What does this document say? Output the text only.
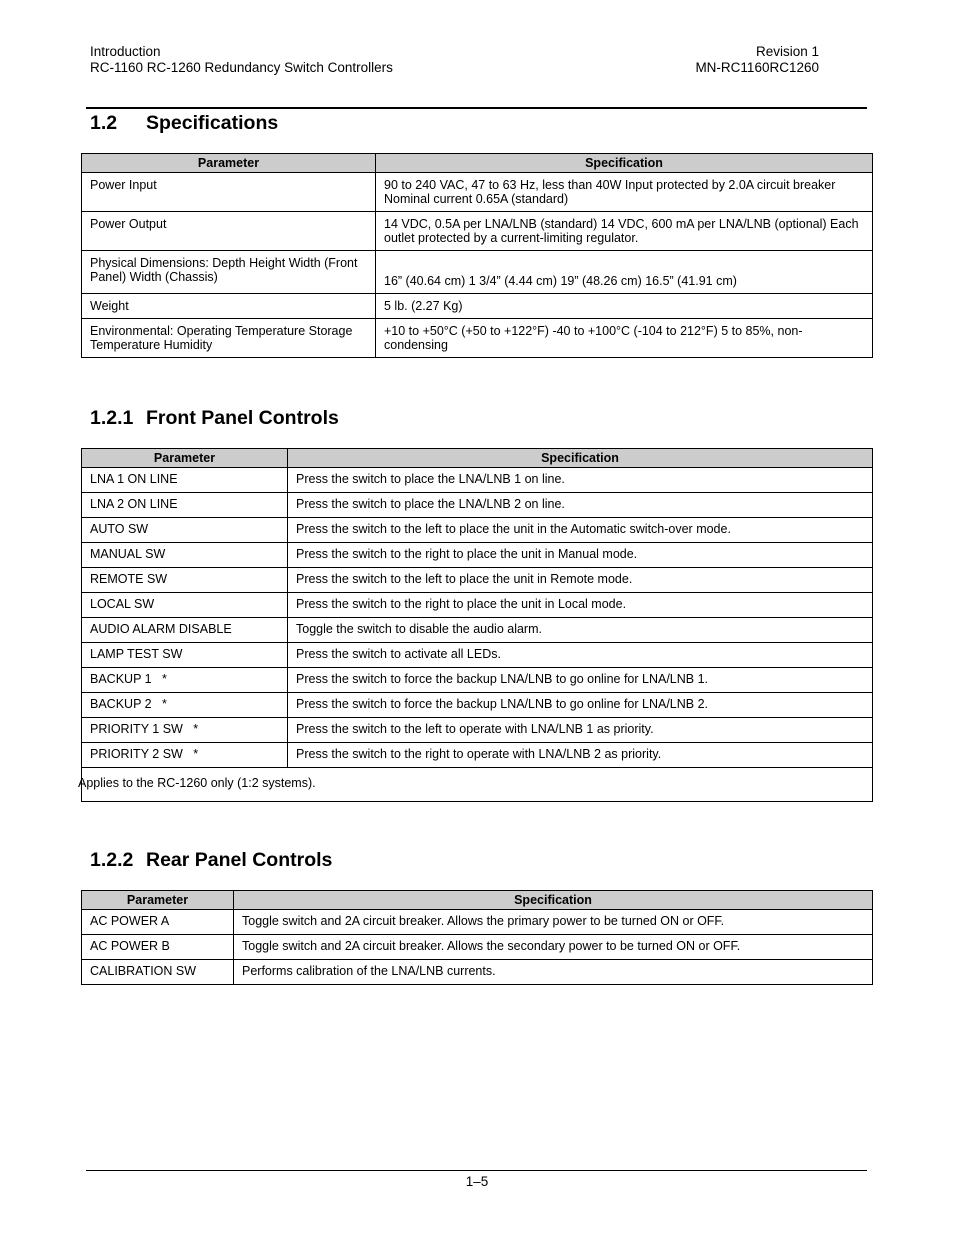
Introduction
RC-1160 RC-1260 Redundancy Switch Controllers
Revision 1
MN-RC1160RC1260
1.2 Specifications
Parameter	Specification
Power Input	90 to 240 VAC, 47 to 63 Hz, less than 40W Input protected by 2.0A circuit breaker Nominal current 0.65A (standard)
Power Output	14 VDC, 0.5A per LNA/LNB (standard) 14 VDC, 600 mA per LNA/LNB (optional) Each outlet protected by a current-limiting regulator.
Physical Dimensions: Depth Height Width (Front Panel) Width (Chassis)	16” (40.64 cm) 1 3/4” (4.44 cm) 19” (48.26 cm) 16.5” (41.91 cm)
Weight	5 lb. (2.27 Kg)
Environmental: Operating Temperature Storage Temperature Humidity	+10 to +50°C (+50 to +122°F) -40 to +100°C (-104 to 212°F) 5 to 85%, non-condensing
1.2.1 Front Panel Controls
Parameter	Specification
LNA 1 ON LINE	Press the switch to place the LNA/LNB 1 on line.
LNA 2 ON LINE	Press the switch to place the LNA/LNB 2 on line.
AUTO SW	Press the switch to the left to place the unit in the Automatic switch-over mode.
MANUAL SW	Press the switch to the right to place the unit in Manual mode.
REMOTE SW	Press the switch to the left to place the unit in Remote mode.
LOCAL SW	Press the switch to the right to place the unit in Local mode.
AUDIO ALARM DISABLE	Toggle the switch to disable the audio alarm.
LAMP TEST SW	Press the switch to activate all LEDs.
BACKUP 1   *	Press the switch to force the backup LNA/LNB to go online for LNA/LNB 1.
BACKUP 2   *	Press the switch to force the backup LNA/LNB to go online for LNA/LNB 2.
PRIORITY 1 SW   *	Press the switch to the left to operate with LNA/LNB 1 as priority.
PRIORITY 2 SW   *	Press the switch to the right to operate with LNA/LNB 2 as priority.
Applies to the RC-1260 only (1:2 systems).	
1.2.2 Rear Panel Controls
Parameter	Specification
AC POWER A	Toggle switch and 2A circuit breaker. Allows the primary power to be turned ON or OFF.
AC POWER B	Toggle switch and 2A circuit breaker. Allows the secondary power to be turned ON or OFF.
CALIBRATION SW	Performs calibration of the LNA/LNB currents.
1–5
